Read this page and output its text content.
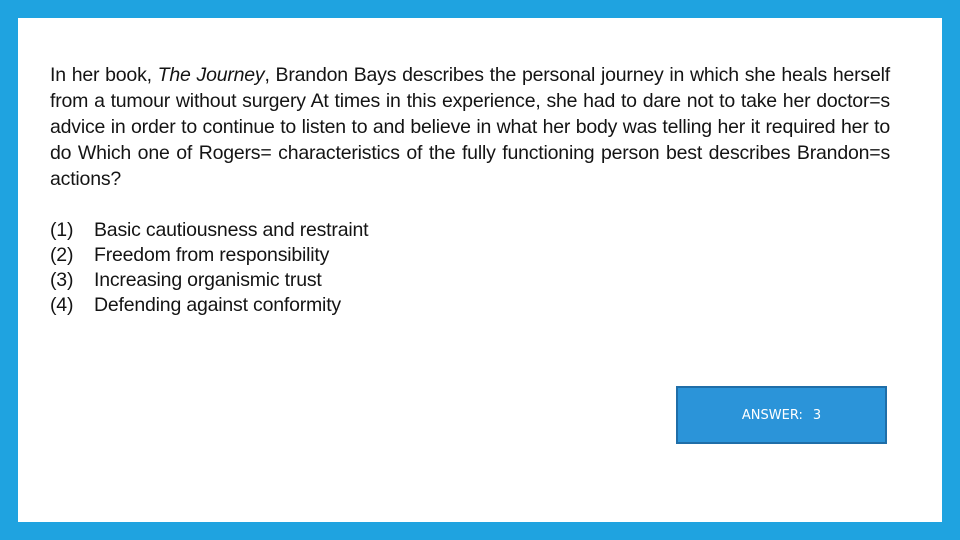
In her book, The Journey, Brandon Bays describes the personal journey in which she heals herself from a tumour without surgery At times in this experience, she had to dare not to take her doctor=s advice in order to continue to listen to and believe in what her body was telling her it required her to do Which one of Rogers= characteristics of the fully functioning person best describes Brandon=s actions?

(1)	Basic cautiousness and restraint
(2)	Freedom from responsibility
(3)	Increasing organismic trust
(4)	Defending against conformity
ANSWER: 3
